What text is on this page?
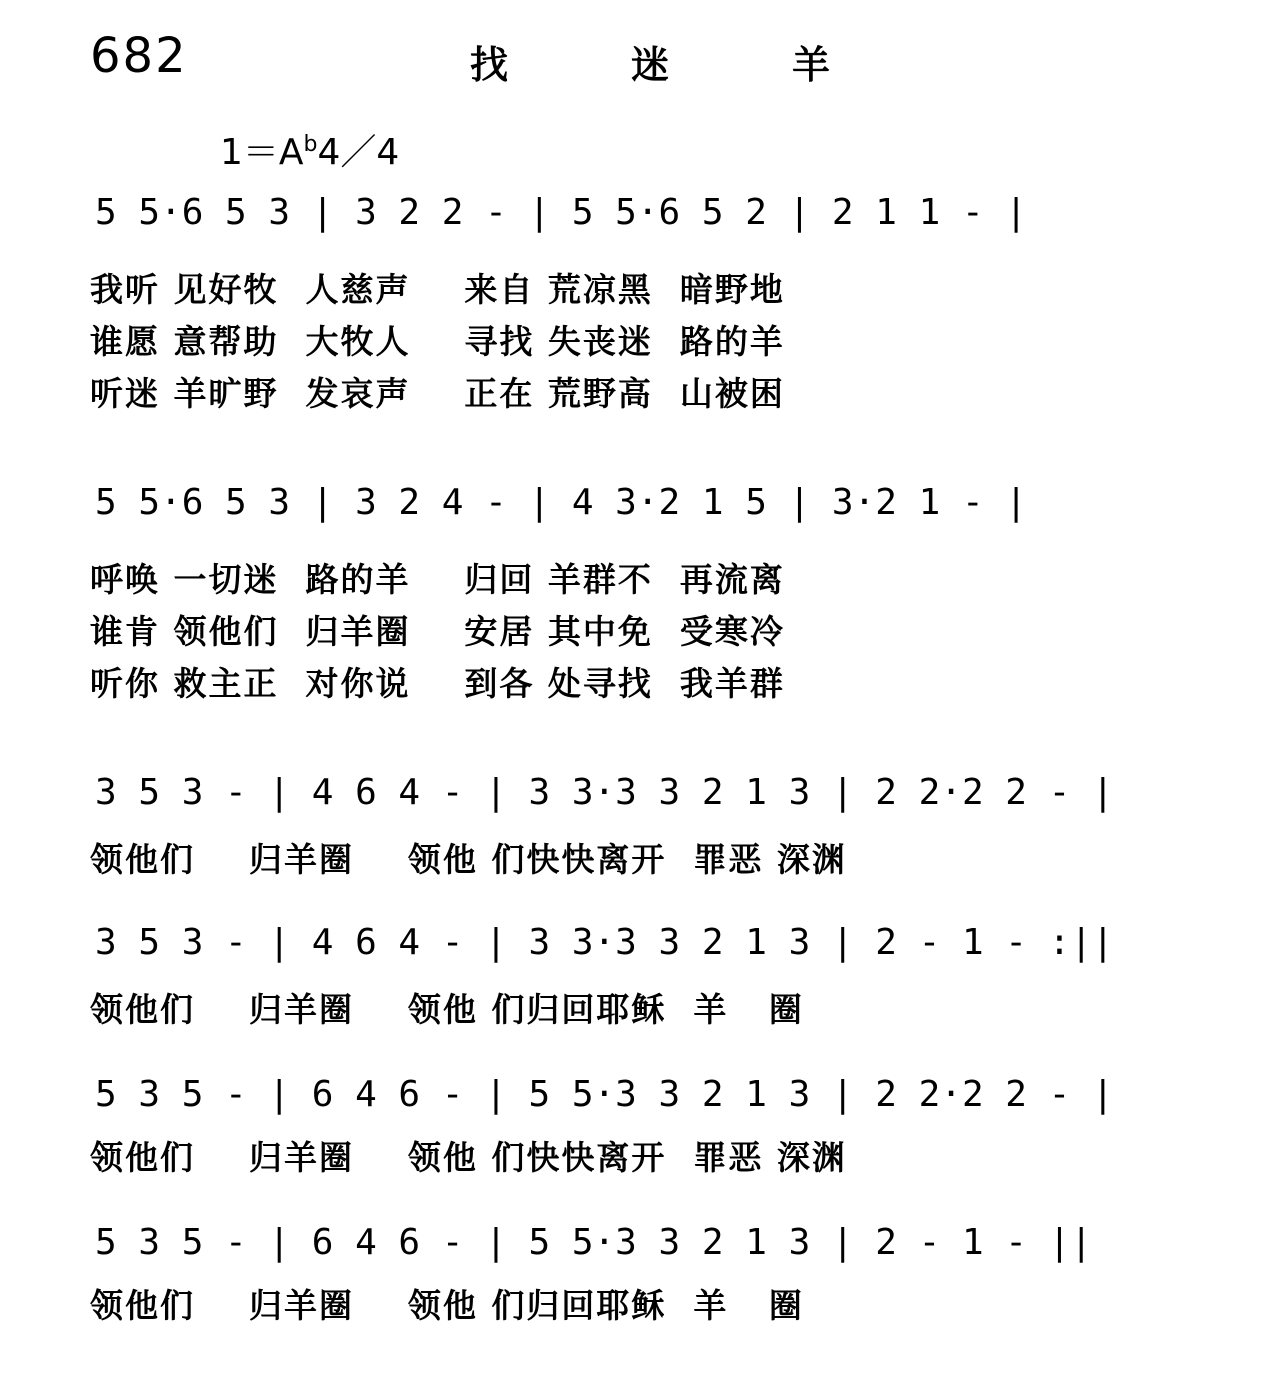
682	找	迷	羊
$1=A^b4/4$
5 5·6 5 3 | 3 2 2 - | 5 5·6 5 2 | 2 1 1 - |
我听 见好牧  人慈声    来自 荒凉黑  暗野地
谁愿 意帮助  大牧人    寻找 失丧迷  路的羊
听迷 羊旷野  发哀声    正在 荒野高  山被困
5 5·6 5 3 | 3 2 4 - | 4 3·2 1 5 | 3·2 1 - |
呼唤 一切迷  路的羊    归回 羊群不  再流离
谁肯 领他们  归羊圈    安居 其中免  受寒冷
听你 救主正  对你说    到各 处寻找  我羊群
3 5 3 - | 4 6 4 - | 3 3·3 3 2 1 3 | 2 2·2 2 - |
领他们    归羊圈    领他 们快快离开  罪恶 深渊
3 5 3 - | 4 6 4 - | 3 3·3 3 2 1 3 | 2 - 1 - :||
领他们    归羊圈    领他 们归回耶稣  羊   圈
5 3 5 - | 6 4 6 - | 5 5·3 3 2 1 3 | 2 2·2 2 - |
领他们    归羊圈    领他 们快快离开  罪恶 深渊
5 3 5 - | 6 4 6 - | 5 5·3 3 2 1 3 | 2 - 1 - ||
领他们    归羊圈    领他 们归回耶稣  羊   圈
